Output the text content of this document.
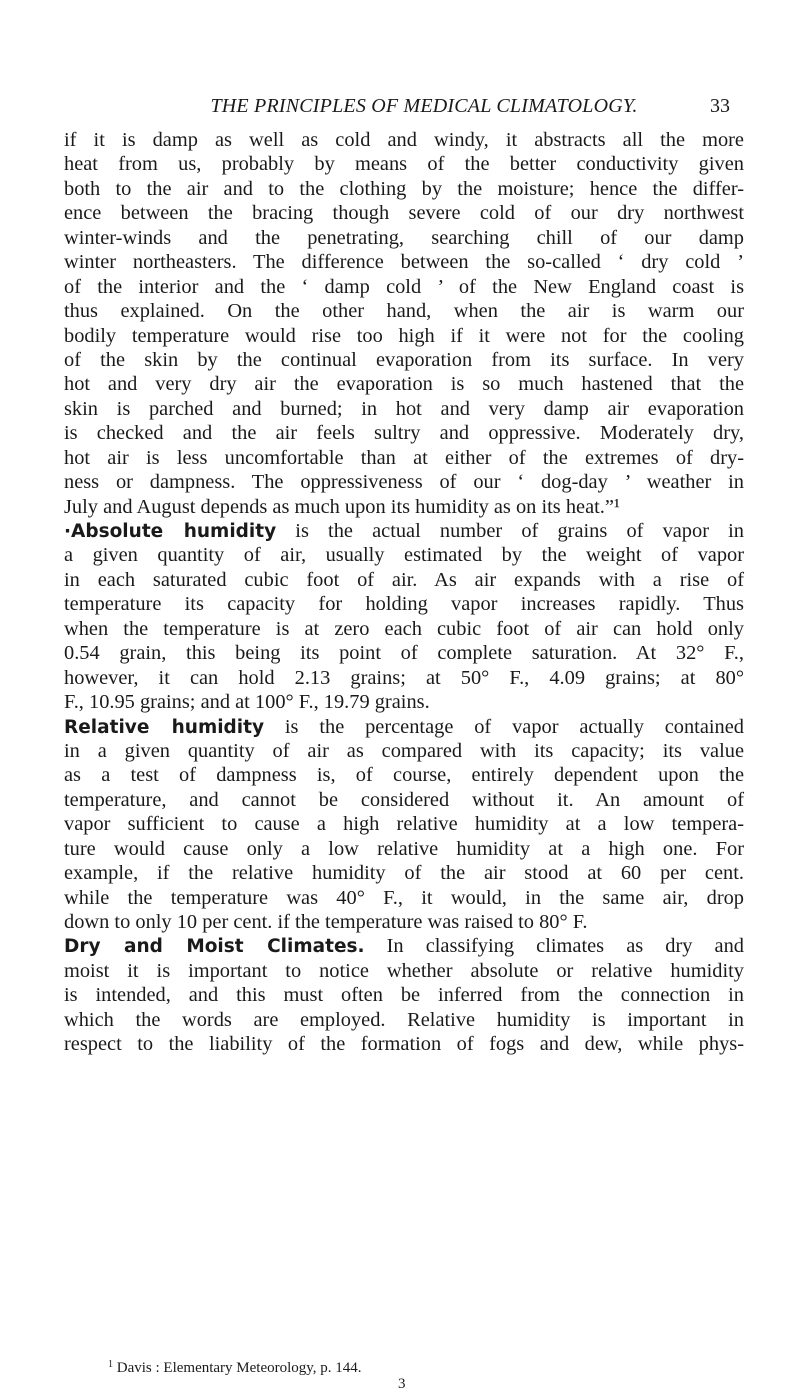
THE PRINCIPLES OF MEDICAL CLIMATOLOGY.	33
if it is damp as well as cold and windy, it abstracts all the more
heat from us, probably by means of the better conductivity given
both to the air and to the clothing by the moisture; hence the differ-
ence between the bracing though severe cold of our dry northwest
winter-winds and the penetrating, searching chill of our damp
winter northeasters. The difference between the so-called ‘ dry cold ’
of the interior and the ‘ damp cold ’ of the New England coast is
thus explained. On the other hand, when the air is warm our
bodily temperature would rise too high if it were not for the cooling
of the skin by the continual evaporation from its surface. In very
hot and very dry air the evaporation is so much hastened that the
skin is parched and burned; in hot and very damp air evaporation
is checked and the air feels sultry and oppressive. Moderately dry,
hot air is less uncomfortable than at either of the extremes of dry-
ness or dampness. The oppressiveness of our ‘ dog-day ’ weather in
July and August depends as much upon its humidity as on its heat.”¹
·Absolute humidity is the actual number of grains of vapor in
a given quantity of air, usually estimated by the weight of vapor
in each saturated cubic foot of air. As air expands with a rise of
temperature its capacity for holding vapor increases rapidly. Thus
when the temperature is at zero each cubic foot of air can hold only
0.54 grain, this being its point of complete saturation. At 32° F.,
however, it can hold 2.13 grains; at 50° F., 4.09 grains; at 80°
F., 10.95 grains; and at 100° F., 19.79 grains.
Relative humidity is the percentage of vapor actually contained
in a given quantity of air as compared with its capacity; its value
as a test of dampness is, of course, entirely dependent upon the
temperature, and cannot be considered without it. An amount of
vapor sufficient to cause a high relative humidity at a low tempera-
ture would cause only a low relative humidity at a high one. For
example, if the relative humidity of the air stood at 60 per cent.
while the temperature was 40° F., it would, in the same air, drop
down to only 10 per cent. if the temperature was raised to 80° F.
Dry and Moist Climates. In classifying climates as dry and
moist it is important to notice whether absolute or relative humidity
is intended, and this must often be inferred from the connection in
which the words are employed. Relative humidity is important in
respect to the liability of the formation of fogs and dew, while phys-
$^1$ Davis : Elementary Meteorology, p. 144.
3
